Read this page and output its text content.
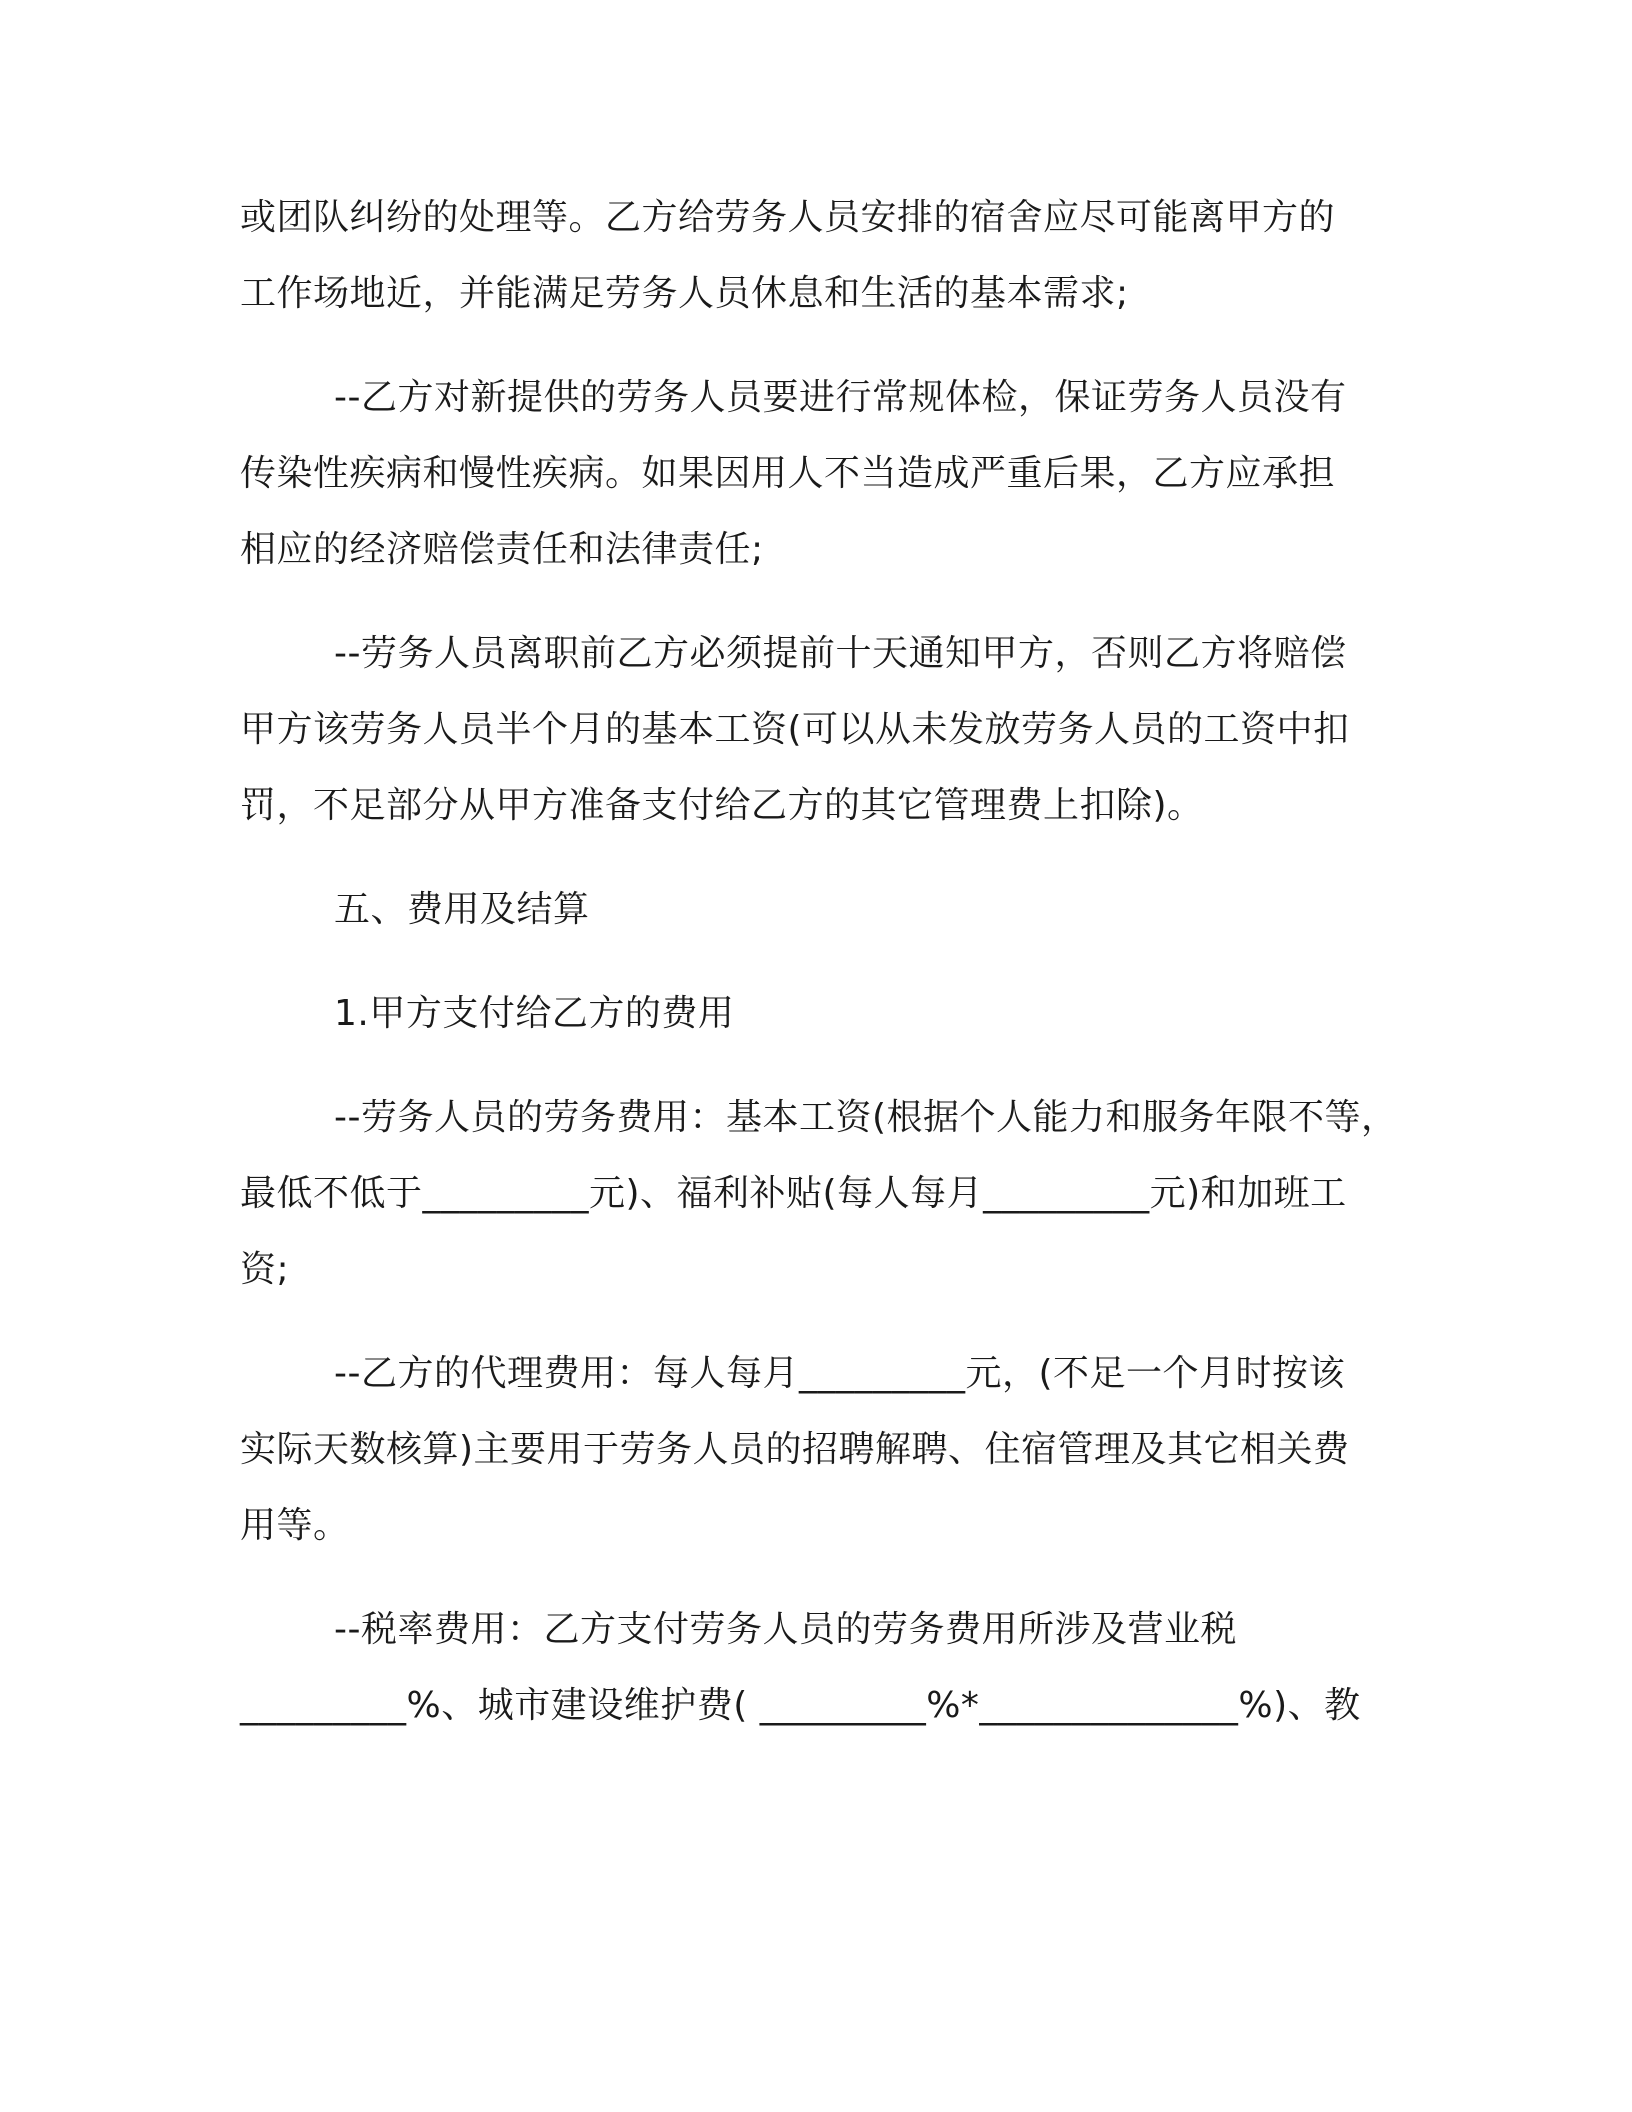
或团队纠纷的处理等。乙方给劳务人员安排的宿舍应尽可能离甲方的
工作场地近，并能满足劳务人员休息和生活的基本需求;
--乙方对新提供的劳务人员要进行常规体检，保证劳务人员没有
传染性疾病和慢性疾病。如果因用人不当造成严重后果，乙方应承担
相应的经济赔偿责任和法律责任;
--劳务人员离职前乙方必须提前十天通知甲方，否则乙方将赔偿
甲方该劳务人员半个月的基本工资(可以从未发放劳务人员的工资中扣
罚，不足部分从甲方准备支付给乙方的其它管理费上扣除)。
五、费用及结算
1.甲方支付给乙方的费用
--劳务人员的劳务费用：基本工资(根据个人能力和服务年限不等，
最低不低于_________元)、福利补贴(每人每月_________元)和加班工
资;
--乙方的代理费用：每人每月_________元，(不足一个月时按该
实际天数核算)主要用于劳务人员的招聘解聘、住宿管理及其它相关费
用等。
--税率费用：乙方支付劳务人员的劳务费用所涉及营业税
_________%、城市建设维护费( _________%*______________%)、教
